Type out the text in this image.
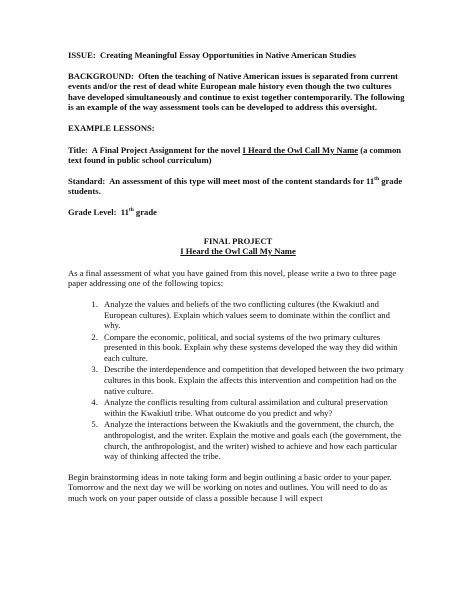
ISSUE: Creating Meaningful Essay Opportunities in Native American Studies

BACKGROUND: Often the teaching of Native American issues is separated from current events and/or the rest of dead white European male history even though the two cultures have developed simultaneously and continue to exist together contemporarily. The following is an example of the way assessment tools can be developed to address this oversight.

EXAMPLE LESSONS:

Title: A Final Project Assignment for the novel I Heard the Owl Call My Name (a common text found in public school curriculum)

Standard: An assessment of this type will meet most of the content standards for 11th grade students.

Grade Level: 11th grade

FINAL PROJECT

I Heard the Owl Call My Name

As a final assessment of what you have gained from this novel, please write a two to three page paper addressing one of the following topics:

1. Analyze the values and beliefs of the two conflicting cultures (the Kwakiutl and European cultures). Explain which values seem to dominate within the conflict and why.
2. Compare the economic, political, and social systems of the two primary cultures presented in this book. Explain why these systems developed the way they did within each culture.
3. Describe the interdependence and competition that developed between the two primary cultures in this book. Explain the affects this intervention and competition had on the native culture.
4. Analyze the conflicts resulting from cultural assimilation and cultural preservation within the Kwakiutl tribe. What outcome do you predict and why?
5. Analyze the interactions between the Kwakiutls and the government, the church, the anthropologist, and the writer. Explain the motive and goals each (the government, the church, the anthropologist, and the writer) wished to achieve and how each particular way of thinking affected the tribe.

Begin brainstorming ideas in note taking form and begin outlining a basic order to your paper. Tomorrow and the next day we will be working on notes and outlines. You will need to do as much work on your paper outside of class a possible because I will expect
